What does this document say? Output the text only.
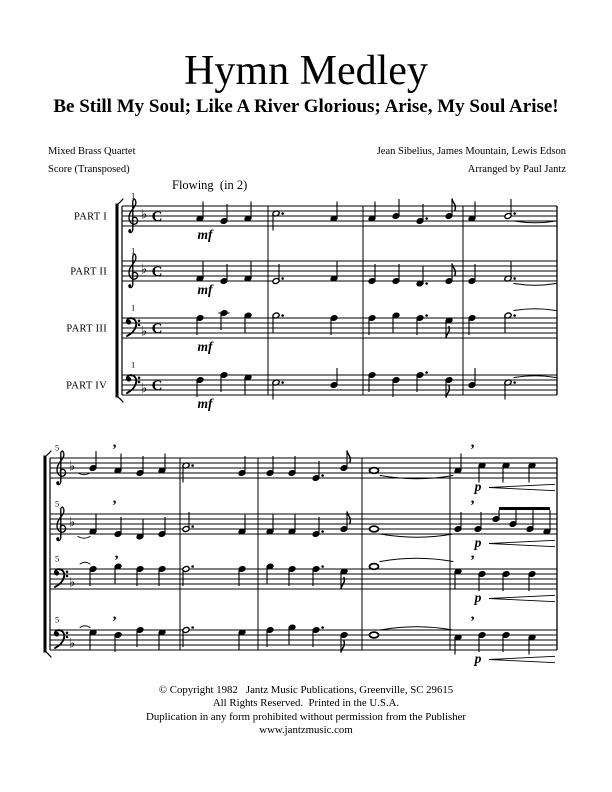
Hymn Medley
Be Still My Soul; Like A River Glorious; Arise, My Soul Arise!
Mixed Brass Quartet
Score (Transposed)
Jean Sibelius, James Mountain, Lewis Edson
Arranged by Paul Jantz
Flowing  (in 2)
♭ C
1
PART I
mf
♭ C
1
PART II
mf
♭ C
1
PART III
mf
♭ C
1
PART IV
mf
♭
5	’	’
p
♭
5	’	’
p
♭
5	’	’
p
♭
5	’	’
p
© Copyright 1982   Jantz Music Publications, Greenville, SC 29615
All Rights Reserved.  Printed in the U.S.A.
Duplication in any form prohibited without permission from the Publisher
www.jantzmusic.com
